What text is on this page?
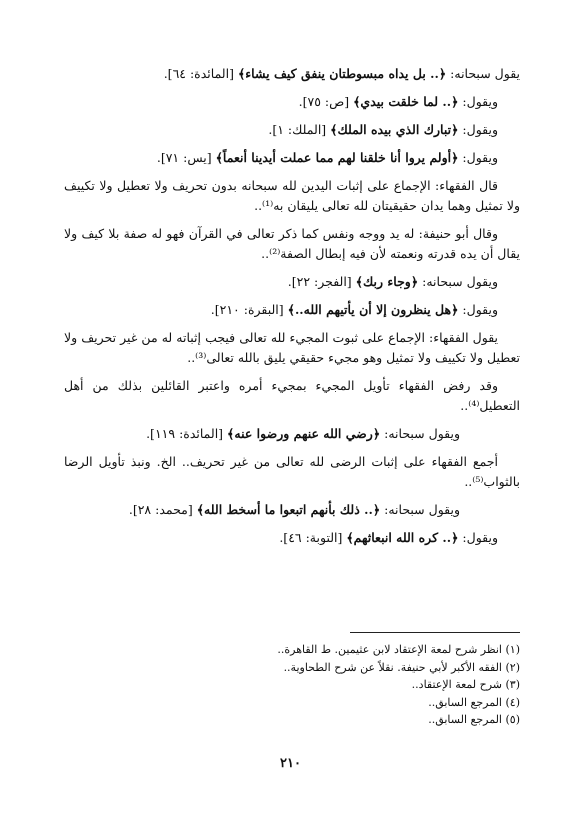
يقول سبحانه: ﴿.. بل يداه مبسوطتان ينفق كيف يشاء﴾ [المائدة: ٦٤].
ويقول: ﴿.. لما خلقت بيدي﴾ [ص: ٧٥].
ويقول: ﴿تبارك الذي بيده الملك﴾ [الملك: ١].
ويقول: ﴿أولم يروا أنا خلقنا لهم مما عملت أيدينا أنعماً﴾ [يس: ٧١].

قال الفقهاء: الإجماع على إثبات اليدين لله سبحانه بدون تحريف ولا تعطيل ولا تكييف ولا تمثيل وهما يدان حقيقيتان لله تعالى يليقان به⁽¹⁾..

وقال أبو حنيفة: له يد ووجه ونفس كما ذكر تعالى في القرآن فهو له صفة بلا كيف ولا يقال أن يده قدرته ونعمته لأن فيه إبطال الصفة⁽²⁾..

ويقول سبحانه: ﴿وجاء ربك﴾ [الفجر: ٢٢].
ويقول: ﴿هل ينظرون إلا أن يأتيهم الله..﴾ [البقرة: ٢١٠].

يقول الفقهاء: الإجماع على ثبوت المجيء لله تعالى فيجب إثباته له من غير تحريف ولا تعطيل ولا تكييف ولا تمثيل وهو مجيء حقيقي يليق بالله تعالى⁽³⁾..

وقد رفض الفقهاء تأويل المجيء بمجيء أمره واعتبر القائلين بذلك من أهل التعطيل⁽⁴⁾..

ويقول سبحانه: ﴿رضي الله عنهم ورضوا عنه﴾ [المائدة: ١١٩].

أجمع الفقهاء على إثبات الرضى لله تعالى من غير تحريف.. الخ. ونبذ تأويل الرضا بالثواب⁽⁵⁾..

ويقول سبحانه: ﴿.. ذلك بأنهم اتبعوا ما أسخط الله﴾ [محمد: ٢٨].
ويقول: ﴿.. كره الله انبعاثهم﴾ [التوبة: ٤٦].

(١) انظر شرح لمعة الإعتقاد لابن عثيمين. ط القاهرة..

(٢) الفقه الأكبر لأبي حنيفة. نقلاً عن شرح الطحاوية..

(٣) شرح لمعة الإعتقاد..

(٤) المرجع السابق..

(٥) المرجع السابق..

٢١٠
